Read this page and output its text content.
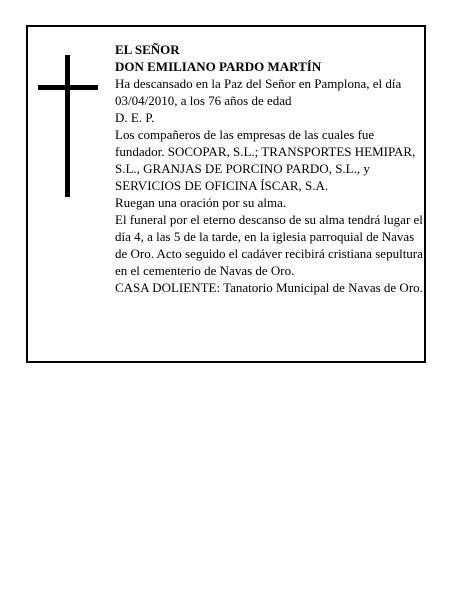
EL SEÑOR

DON EMILIANO PARDO MARTÍN

Ha descansado en la Paz del Señor en Pamplona, el día 03/04/2010, a los 76 años de edad

D. E. P.

Los compañeros de las empresas de las cuales fue fundador. SOCOPAR, S.L.; TRANSPORTES HEMIPAR, S.L., GRANJAS DE PORCINO PARDO, S.L., y SERVICIOS DE OFICINA ÍSCAR, S.A.

Ruegan una oración por su alma.

El funeral por el eterno descanso de su alma tendrá lugar el día 4, a las 5 de la tarde, en la iglesia parroquial de Navas de Oro. Acto seguido el cadáver recibirá cristiana sepultura en el cementerio de Navas de Oro.

CASA DOLIENTE: Tanatorio Municipal de Navas de Oro.
